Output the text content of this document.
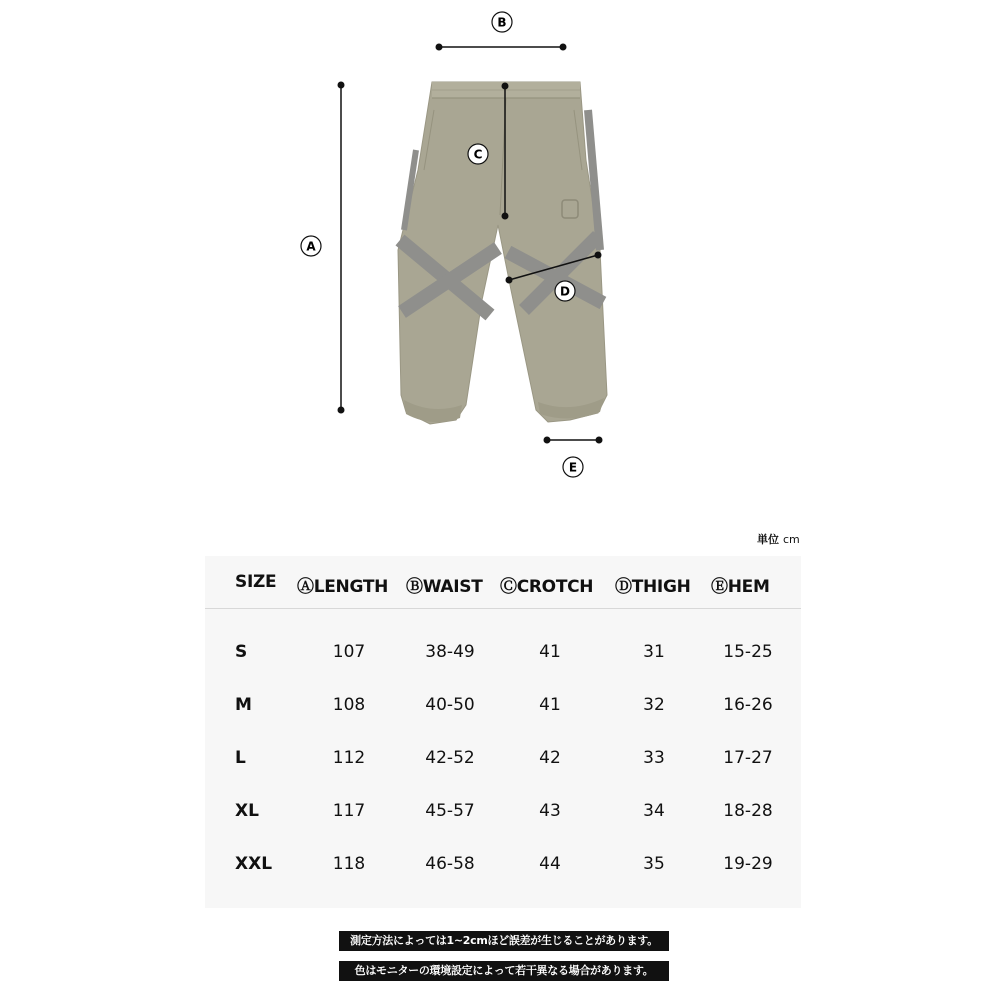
A
B
C
D
E
単位 cm
SIZE ⒶLENGTH ⒷWAIST ⒸCROTCH ⒹTHIGH ⒺHEM
S	107	38-49	41	31	15-25
M	108	40-50	41	32	16-26
L	112	42-52	42	33	17-27
XL	117	45-57	43	34	18-28
XXL	118	46-58	44	35	19-29
測定方法によっては1~2cmほど誤差が生じることがあります。
色はモニターの環境設定によって若干異なる場合があります。
